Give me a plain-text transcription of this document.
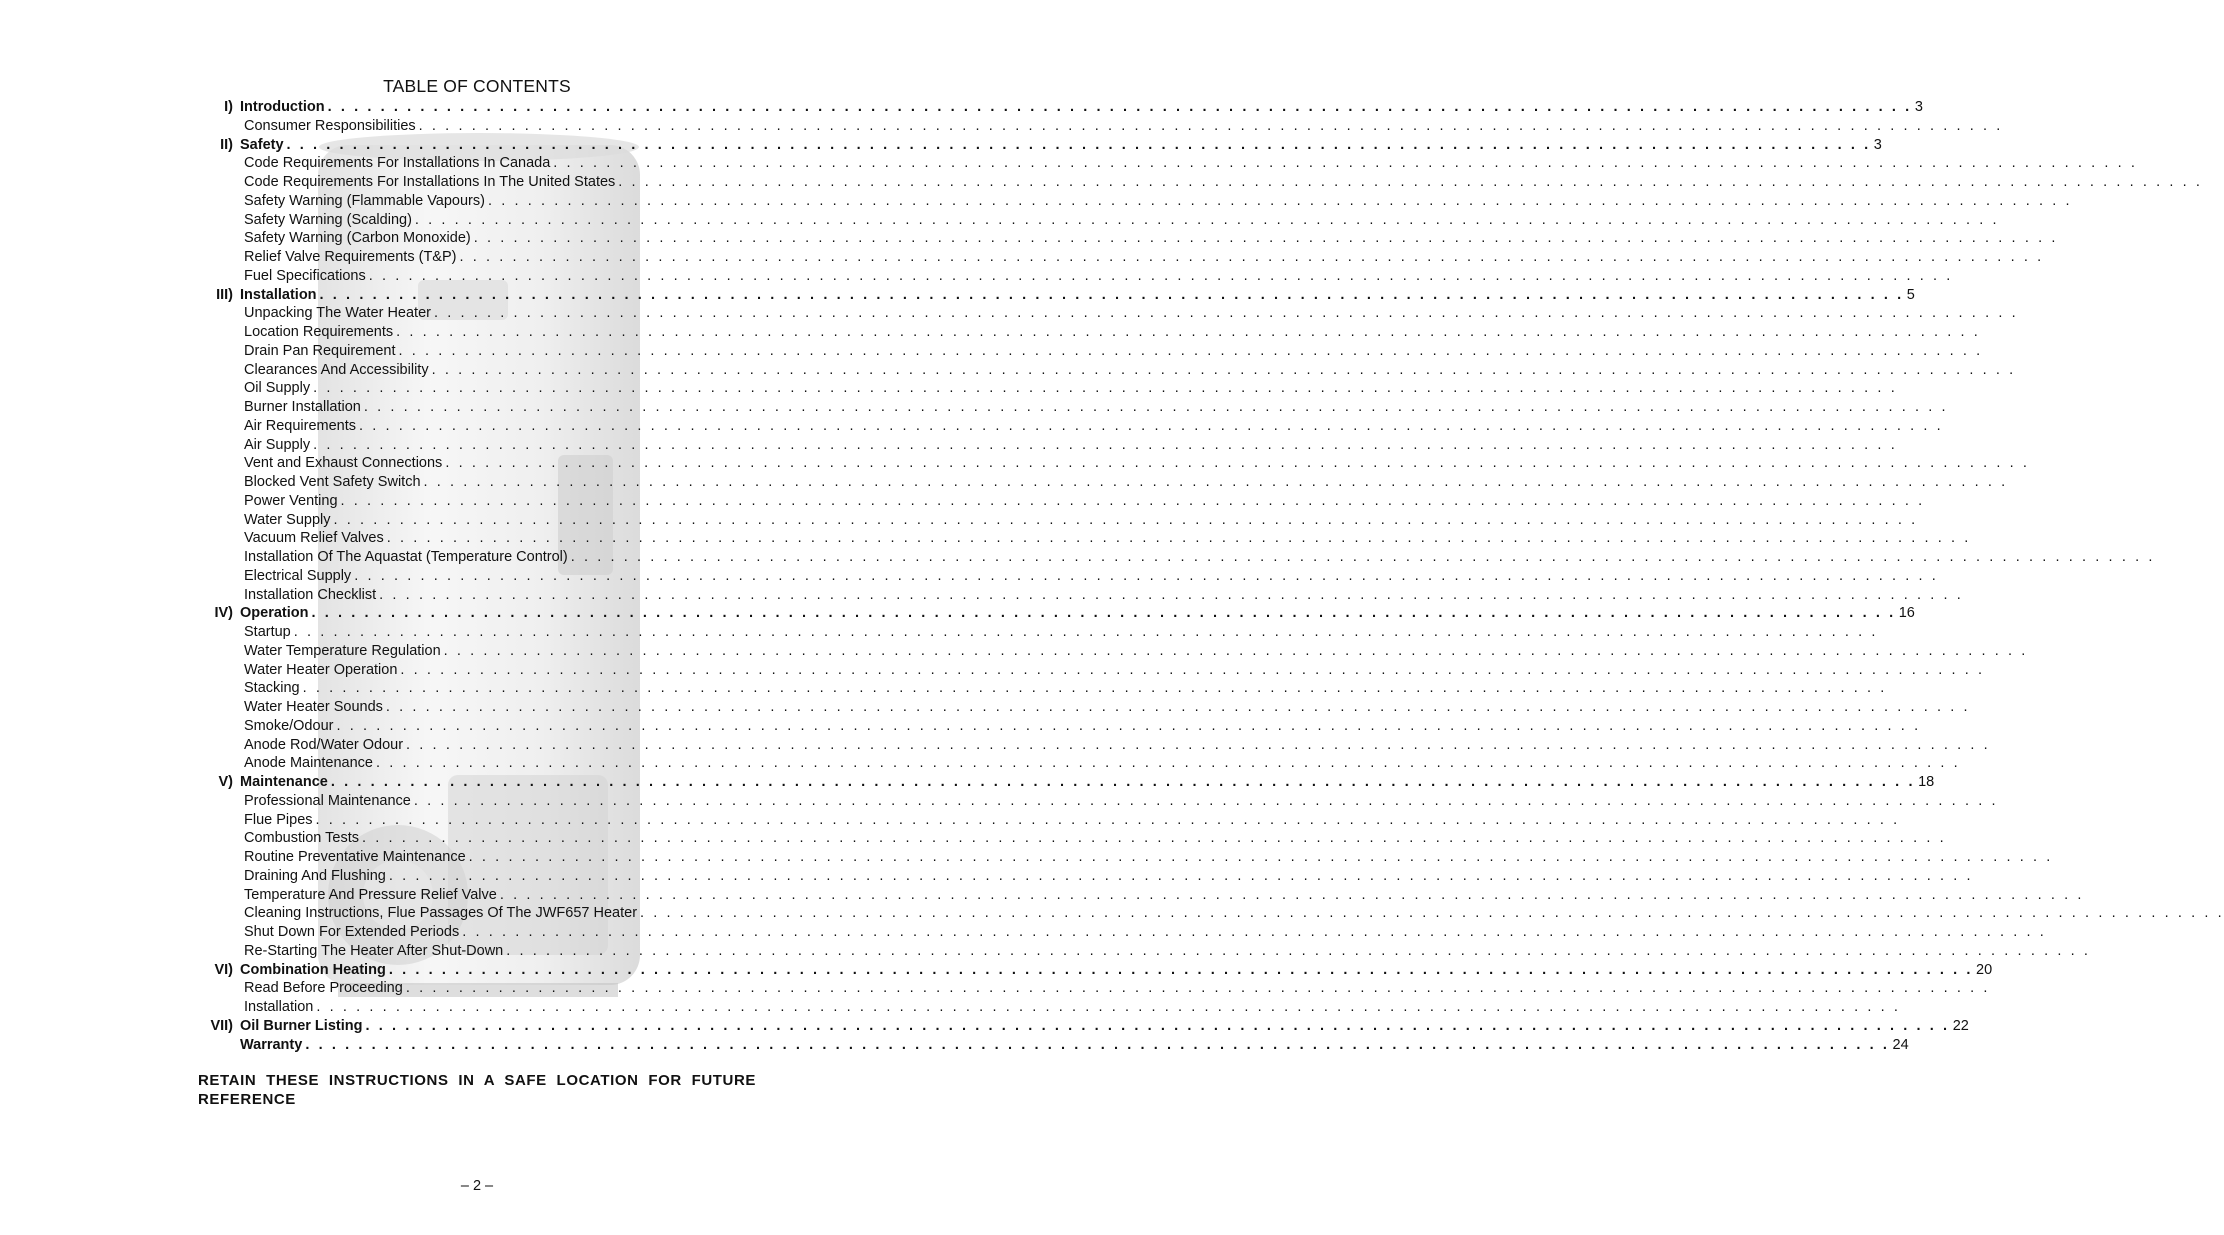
TABLE OF CONTENTS
I) Introduction . . . . . . . . . . . . . . . . . . . . . . . . . . . . . . . . . . . . . . . . . . . . . . . . . . . . . . . . . . . . . . . . . . . . . . . . . . . . . . . . . . . . . . . . . . . . . . . . . . . . . . . . . . . . . . . . . . . . . . . . 3
Consumer Responsibilities . . . . . . . . . . . . . . . . . . . . . . . . . . . . . . . . . . . . . . . . . . . . . . . . . . . . . . . . . . . . . . . . . . . . . . . . . . . . . . . . . . . . . . . . . . . . . . . . . . . . . . . . . . . . . . . . . . . . . . . .
II) Safety . . . . . . . . . . . . . . . . . . . . . . . . . . . . . . . . . . . . . . . . . . . . . . . . . . . . . . . . . . . . . . . . . . . . . . . . . . . . . . . . . . . . . . . . . . . . . . . . . . . . . . . . . . . . . . . . . . . . . . . . 3
Code Requirements For Installations In Canada . . . . . . . . . . . . . . . . . . . . . . . . . . . . . . . . . . . . . . . . . . . . . . . . . . . . . . . . . . . . . . . . . . . . . . . . . . . . . . . . . . . . . . . . . . . . . . . . . . . . . . . . . . . . . . . . . . . . . . . .
Code Requirements For Installations In The United States . . . . . . . . . . . . . . . . . . . . . . . . . . . . . . . . . . . . . . . . . . . . . . . . . . . . . . . . . . . . . . . . . . . . . . . . . . . . . . . . . . . . . . . . . . . . . . . . . . . . . . . . . . . . . . . . . . . . . . . .
Safety Warning (Flammable Vapours) . . . . . . . . . . . . . . . . . . . . . . . . . . . . . . . . . . . . . . . . . . . . . . . . . . . . . . . . . . . . . . . . . . . . . . . . . . . . . . . . . . . . . . . . . . . . . . . . . . . . . . . . . . . . . . . . . . . . . . . .
Safety Warning (Scalding) . . . . . . . . . . . . . . . . . . . . . . . . . . . . . . . . . . . . . . . . . . . . . . . . . . . . . . . . . . . . . . . . . . . . . . . . . . . . . . . . . . . . . . . . . . . . . . . . . . . . . . . . . . . . . . . . . . . . . . . .
Safety Warning (Carbon Monoxide) . . . . . . . . . . . . . . . . . . . . . . . . . . . . . . . . . . . . . . . . . . . . . . . . . . . . . . . . . . . . . . . . . . . . . . . . . . . . . . . . . . . . . . . . . . . . . . . . . . . . . . . . . . . . . . . . . . . . . . . .
Relief Valve Requirements (T&P) . . . . . . . . . . . . . . . . . . . . . . . . . . . . . . . . . . . . . . . . . . . . . . . . . . . . . . . . . . . . . . . . . . . . . . . . . . . . . . . . . . . . . . . . . . . . . . . . . . . . . . . . . . . . . . . . . . . . . . . .
Fuel Specifications . . . . . . . . . . . . . . . . . . . . . . . . . . . . . . . . . . . . . . . . . . . . . . . . . . . . . . . . . . . . . . . . . . . . . . . . . . . . . . . . . . . . . . . . . . . . . . . . . . . . . . . . . . . . . . . . . . . . . . . .
III) Installation . . . . . . . . . . . . . . . . . . . . . . . . . . . . . . . . . . . . . . . . . . . . . . . . . . . . . . . . . . . . . . . . . . . . . . . . . . . . . . . . . . . . . . . . . . . . . . . . . . . . . . . . . . . . . . . . . . . . . . . . 5
Unpacking The Water Heater . . . . . . . . . . . . . . . . . . . . . . . . . . . . . . . . . . . . . . . . . . . . . . . . . . . . . . . . . . . . . . . . . . . . . . . . . . . . . . . . . . . . . . . . . . . . . . . . . . . . . . . . . . . . . . . . . . . . . . . .
Location Requirements . . . . . . . . . . . . . . . . . . . . . . . . . . . . . . . . . . . . . . . . . . . . . . . . . . . . . . . . . . . . . . . . . . . . . . . . . . . . . . . . . . . . . . . . . . . . . . . . . . . . . . . . . . . . . . . . . . . . . . . .
Drain Pan Requirement . . . . . . . . . . . . . . . . . . . . . . . . . . . . . . . . . . . . . . . . . . . . . . . . . . . . . . . . . . . . . . . . . . . . . . . . . . . . . . . . . . . . . . . . . . . . . . . . . . . . . . . . . . . . . . . . . . . . . . . .
Clearances And Accessibility . . . . . . . . . . . . . . . . . . . . . . . . . . . . . . . . . . . . . . . . . . . . . . . . . . . . . . . . . . . . . . . . . . . . . . . . . . . . . . . . . . . . . . . . . . . . . . . . . . . . . . . . . . . . . . . . . . . . . . . .
Oil Supply . . . . . . . . . . . . . . . . . . . . . . . . . . . . . . . . . . . . . . . . . . . . . . . . . . . . . . . . . . . . . . . . . . . . . . . . . . . . . . . . . . . . . . . . . . . . . . . . . . . . . . . . . . . . . . . . . . . . . . . .
Burner Installation . . . . . . . . . . . . . . . . . . . . . . . . . . . . . . . . . . . . . . . . . . . . . . . . . . . . . . . . . . . . . . . . . . . . . . . . . . . . . . . . . . . . . . . . . . . . . . . . . . . . . . . . . . . . . . . . . . . . . . . .
Air Requirements . . . . . . . . . . . . . . . . . . . . . . . . . . . . . . . . . . . . . . . . . . . . . . . . . . . . . . . . . . . . . . . . . . . . . . . . . . . . . . . . . . . . . . . . . . . . . . . . . . . . . . . . . . . . . . . . . . . . . . . .
Air Supply . . . . . . . . . . . . . . . . . . . . . . . . . . . . . . . . . . . . . . . . . . . . . . . . . . . . . . . . . . . . . . . . . . . . . . . . . . . . . . . . . . . . . . . . . . . . . . . . . . . . . . . . . . . . . . . . . . . . . . . .
Vent and Exhaust Connections . . . . . . . . . . . . . . . . . . . . . . . . . . . . . . . . . . . . . . . . . . . . . . . . . . . . . . . . . . . . . . . . . . . . . . . . . . . . . . . . . . . . . . . . . . . . . . . . . . . . . . . . . . . . . . . . . . . . . . . .
Blocked Vent Safety Switch . . . . . . . . . . . . . . . . . . . . . . . . . . . . . . . . . . . . . . . . . . . . . . . . . . . . . . . . . . . . . . . . . . . . . . . . . . . . . . . . . . . . . . . . . . . . . . . . . . . . . . . . . . . . . . . . . . . . . . . .
Power Venting . . . . . . . . . . . . . . . . . . . . . . . . . . . . . . . . . . . . . . . . . . . . . . . . . . . . . . . . . . . . . . . . . . . . . . . . . . . . . . . . . . . . . . . . . . . . . . . . . . . . . . . . . . . . . . . . . . . . . . . .
Water Supply . . . . . . . . . . . . . . . . . . . . . . . . . . . . . . . . . . . . . . . . . . . . . . . . . . . . . . . . . . . . . . . . . . . . . . . . . . . . . . . . . . . . . . . . . . . . . . . . . . . . . . . . . . . . . . . . . . . . . . . .
Vacuum Relief Valves . . . . . . . . . . . . . . . . . . . . . . . . . . . . . . . . . . . . . . . . . . . . . . . . . . . . . . . . . . . . . . . . . . . . . . . . . . . . . . . . . . . . . . . . . . . . . . . . . . . . . . . . . . . . . . . . . . . . . . . .
Installation Of The Aquastat (Temperature Control) . . . . . . . . . . . . . . . . . . . . . . . . . . . . . . . . . . . . . . . . . . . . . . . . . . . . . . . . . . . . . . . . . . . . . . . . . . . . . . . . . . . . . . . . . . . . . . . . . . . . . . . . . . . . . . . . . . . . . . . .
Electrical Supply . . . . . . . . . . . . . . . . . . . . . . . . . . . . . . . . . . . . . . . . . . . . . . . . . . . . . . . . . . . . . . . . . . . . . . . . . . . . . . . . . . . . . . . . . . . . . . . . . . . . . . . . . . . . . . . . . . . . . . . .
Installation Checklist . . . . . . . . . . . . . . . . . . . . . . . . . . . . . . . . . . . . . . . . . . . . . . . . . . . . . . . . . . . . . . . . . . . . . . . . . . . . . . . . . . . . . . . . . . . . . . . . . . . . . . . . . . . . . . . . . . . . . . . .
IV) Operation . . . . . . . . . . . . . . . . . . . . . . . . . . . . . . . . . . . . . . . . . . . . . . . . . . . . . . . . . . . . . . . . . . . . . . . . . . . . . . . . . . . . . . . . . . . . . . . . . . . . . . . . . . . . . . . . . . . . . . . . 16
Startup . . . . . . . . . . . . . . . . . . . . . . . . . . . . . . . . . . . . . . . . . . . . . . . . . . . . . . . . . . . . . . . . . . . . . . . . . . . . . . . . . . . . . . . . . . . . . . . . . . . . . . . . . . . . . . . . . . . . . . . .
Water Temperature Regulation . . . . . . . . . . . . . . . . . . . . . . . . . . . . . . . . . . . . . . . . . . . . . . . . . . . . . . . . . . . . . . . . . . . . . . . . . . . . . . . . . . . . . . . . . . . . . . . . . . . . . . . . . . . . . . . . . . . . . . . .
Water Heater Operation . . . . . . . . . . . . . . . . . . . . . . . . . . . . . . . . . . . . . . . . . . . . . . . . . . . . . . . . . . . . . . . . . . . . . . . . . . . . . . . . . . . . . . . . . . . . . . . . . . . . . . . . . . . . . . . . . . . . . . . .
Stacking . . . . . . . . . . . . . . . . . . . . . . . . . . . . . . . . . . . . . . . . . . . . . . . . . . . . . . . . . . . . . . . . . . . . . . . . . . . . . . . . . . . . . . . . . . . . . . . . . . . . . . . . . . . . . . . . . . . . . . . .
Water Heater Sounds . . . . . . . . . . . . . . . . . . . . . . . . . . . . . . . . . . . . . . . . . . . . . . . . . . . . . . . . . . . . . . . . . . . . . . . . . . . . . . . . . . . . . . . . . . . . . . . . . . . . . . . . . . . . . . . . . . . . . . . .
Smoke/Odour . . . . . . . . . . . . . . . . . . . . . . . . . . . . . . . . . . . . . . . . . . . . . . . . . . . . . . . . . . . . . . . . . . . . . . . . . . . . . . . . . . . . . . . . . . . . . . . . . . . . . . . . . . . . . . . . . . . . . . . .
Anode Rod/Water Odour . . . . . . . . . . . . . . . . . . . . . . . . . . . . . . . . . . . . . . . . . . . . . . . . . . . . . . . . . . . . . . . . . . . . . . . . . . . . . . . . . . . . . . . . . . . . . . . . . . . . . . . . . . . . . . . . . . . . . . . .
Anode Maintenance . . . . . . . . . . . . . . . . . . . . . . . . . . . . . . . . . . . . . . . . . . . . . . . . . . . . . . . . . . . . . . . . . . . . . . . . . . . . . . . . . . . . . . . . . . . . . . . . . . . . . . . . . . . . . . . . . . . . . . . .
V) Maintenance . . . . . . . . . . . . . . . . . . . . . . . . . . . . . . . . . . . . . . . . . . . . . . . . . . . . . . . . . . . . . . . . . . . . . . . . . . . . . . . . . . . . . . . . . . . . . . . . . . . . . . . . . . . . . . . . . . . . . . . . 18
Professional Maintenance . . . . . . . . . . . . . . . . . . . . . . . . . . . . . . . . . . . . . . . . . . . . . . . . . . . . . . . . . . . . . . . . . . . . . . . . . . . . . . . . . . . . . . . . . . . . . . . . . . . . . . . . . . . . . . . . . . . . . . . .
Flue Pipes . . . . . . . . . . . . . . . . . . . . . . . . . . . . . . . . . . . . . . . . . . . . . . . . . . . . . . . . . . . . . . . . . . . . . . . . . . . . . . . . . . . . . . . . . . . . . . . . . . . . . . . . . . . . . . . . . . . . . . . .
Combustion Tests . . . . . . . . . . . . . . . . . . . . . . . . . . . . . . . . . . . . . . . . . . . . . . . . . . . . . . . . . . . . . . . . . . . . . . . . . . . . . . . . . . . . . . . . . . . . . . . . . . . . . . . . . . . . . . . . . . . . . . . .
Routine Preventative Maintenance . . . . . . . . . . . . . . . . . . . . . . . . . . . . . . . . . . . . . . . . . . . . . . . . . . . . . . . . . . . . . . . . . . . . . . . . . . . . . . . . . . . . . . . . . . . . . . . . . . . . . . . . . . . . . . . . . . . . . . . .
Draining And Flushing . . . . . . . . . . . . . . . . . . . . . . . . . . . . . . . . . . . . . . . . . . . . . . . . . . . . . . . . . . . . . . . . . . . . . . . . . . . . . . . . . . . . . . . . . . . . . . . . . . . . . . . . . . . . . . . . . . . . . . . .
Temperature And Pressure Relief Valve . . . . . . . . . . . . . . . . . . . . . . . . . . . . . . . . . . . . . . . . . . . . . . . . . . . . . . . . . . . . . . . . . . . . . . . . . . . . . . . . . . . . . . . . . . . . . . . . . . . . . . . . . . . . . . . . . . . . . . . .
Cleaning Instructions, Flue Passages Of The JWF657 Heater . . . . . . . . . . . . . . . . . . . . . . . . . . . . . . . . . . . . . . . . . . . . . . . . . . . . . . . . . . . . . . . . . . . . . . . . . . . . . . . . . . . . . . . . . . . . . . . . . . . . . . . . . . . . . . . . . . . . . . . .
Shut Down For Extended Periods . . . . . . . . . . . . . . . . . . . . . . . . . . . . . . . . . . . . . . . . . . . . . . . . . . . . . . . . . . . . . . . . . . . . . . . . . . . . . . . . . . . . . . . . . . . . . . . . . . . . . . . . . . . . . . . . . . . . . . . .
Re-Starting The Heater After Shut-Down . . . . . . . . . . . . . . . . . . . . . . . . . . . . . . . . . . . . . . . . . . . . . . . . . . . . . . . . . . . . . . . . . . . . . . . . . . . . . . . . . . . . . . . . . . . . . . . . . . . . . . . . . . . . . . . . . . . . . . . .
VI) Combination Heating . . . . . . . . . . . . . . . . . . . . . . . . . . . . . . . . . . . . . . . . . . . . . . . . . . . . . . . . . . . . . . . . . . . . . . . . . . . . . . . . . . . . . . . . . . . . . . . . . . . . . . . . . . . . . . . . . . . . . . . . 20
Read Before Proceeding . . . . . . . . . . . . . . . . . . . . . . . . . . . . . . . . . . . . . . . . . . . . . . . . . . . . . . . . . . . . . . . . . . . . . . . . . . . . . . . . . . . . . . . . . . . . . . . . . . . . . . . . . . . . . . . . . . . . . . . .
Installation . . . . . . . . . . . . . . . . . . . . . . . . . . . . . . . . . . . . . . . . . . . . . . . . . . . . . . . . . . . . . . . . . . . . . . . . . . . . . . . . . . . . . . . . . . . . . . . . . . . . . . . . . . . . . . . . . . . . . . . .
VII) Oil Burner Listing . . . . . . . . . . . . . . . . . . . . . . . . . . . . . . . . . . . . . . . . . . . . . . . . . . . . . . . . . . . . . . . . . . . . . . . . . . . . . . . . . . . . . . . . . . . . . . . . . . . . . . . . . . . . . . . . . . . . . . . . 22
Warranty . . . . . . . . . . . . . . . . . . . . . . . . . . . . . . . . . . . . . . . . . . . . . . . . . . . . . . . . . . . . . . . . . . . . . . . . . . . . . . . . . . . . . . . . . . . . . . . . . . . . . . . . . . . . . . . . . . . . . . . . 24
RETAIN THESE INSTRUCTIONS IN A SAFE LOCATION FOR FUTURE REFERENCE
– 2 –
